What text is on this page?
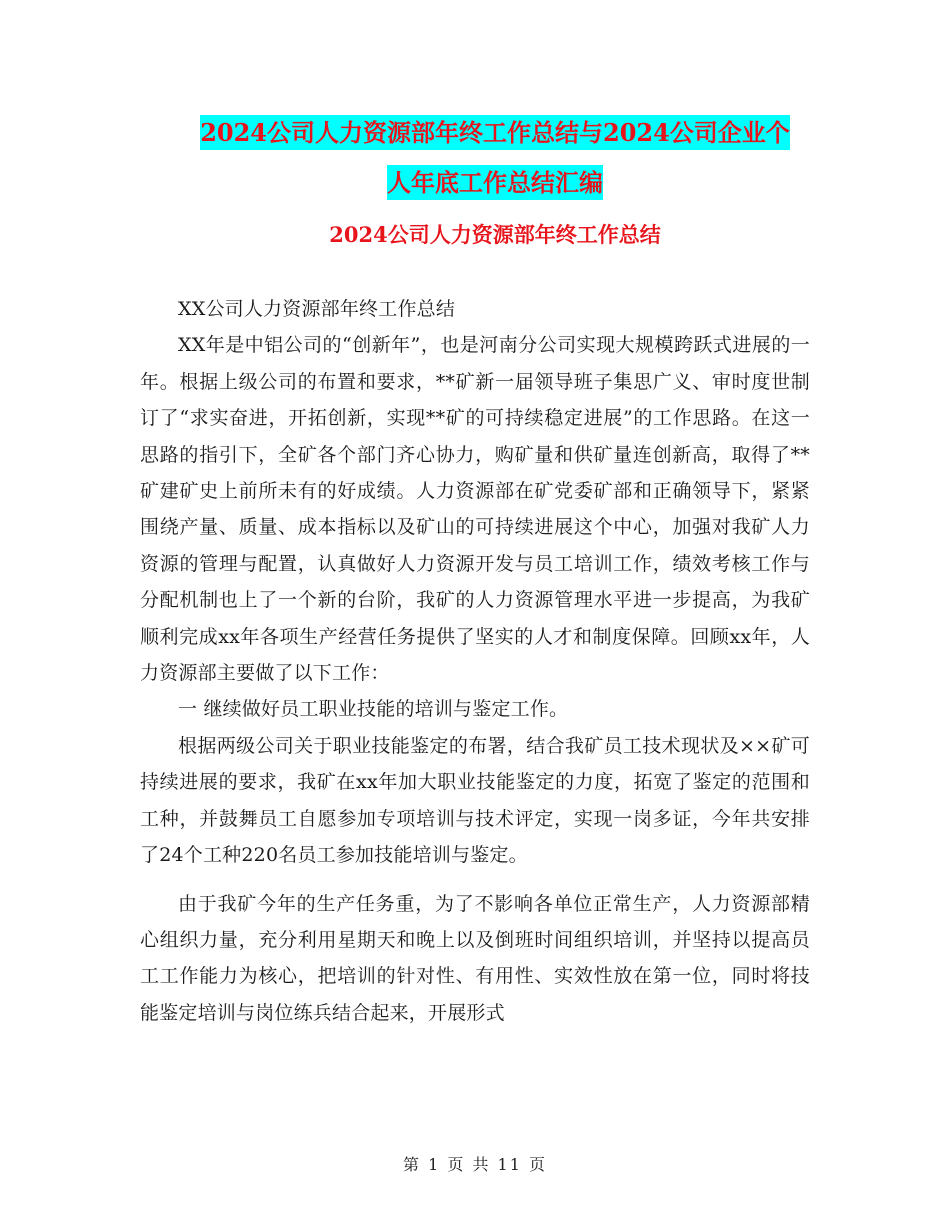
2024公司人力资源部年终工作总结与2024公司企业个
人年底工作总结汇编
2024公司人力资源部年终工作总结

XX公司人力资源部年终工作总结

XX年是中铝公司的“创新年”，也是河南分公司实现大规模跨跃式进展的一年。根据上级公司的布置和要求，**矿新一届领导班子集思广义、审时度世制订了“求实奋进，开拓创新，实现**矿的可持续稳定进展”的工作思路。在这一思路的指引下，全矿各个部门齐心协力，购矿量和供矿量连创新高，取得了**矿建矿史上前所未有的好成绩。人力资源部在矿党委矿部和正确领导下，紧紧围绕产量、质量、成本指标以及矿山的可持续进展这个中心，加强对我矿人力资源的管理与配置，认真做好人力资源开发与员工培训工作，绩效考核工作与分配机制也上了一个新的台阶，我矿的人力资源管理水平进一步提高，为我矿顺利完成xx年各项生产经营任务提供了坚实的人才和制度保障。回顾xx年，人力资源部主要做了以下工作：

一 继续做好员工职业技能的培训与鉴定工作。

根据两级公司关于职业技能鉴定的布署，结合我矿员工技术现状及××矿可持续进展的要求，我矿在xx年加大职业技能鉴定的力度，拓宽了鉴定的范围和工种，并鼓舞员工自愿参加专项培训与技术评定，实现一岗多证，今年共安排了24个工种220名员工参加技能培训与鉴定。

由于我矿今年的生产任务重，为了不影响各单位正常生产，人力资源部精心组织力量，充分利用星期天和晚上以及倒班时间组织培训，并坚持以提高员工工作能力为核心，把培训的针对性、有用性、实效性放在第一位，同时将技能鉴定培训与岗位练兵结合起来，开展形式

第 1 页 共 11 页
